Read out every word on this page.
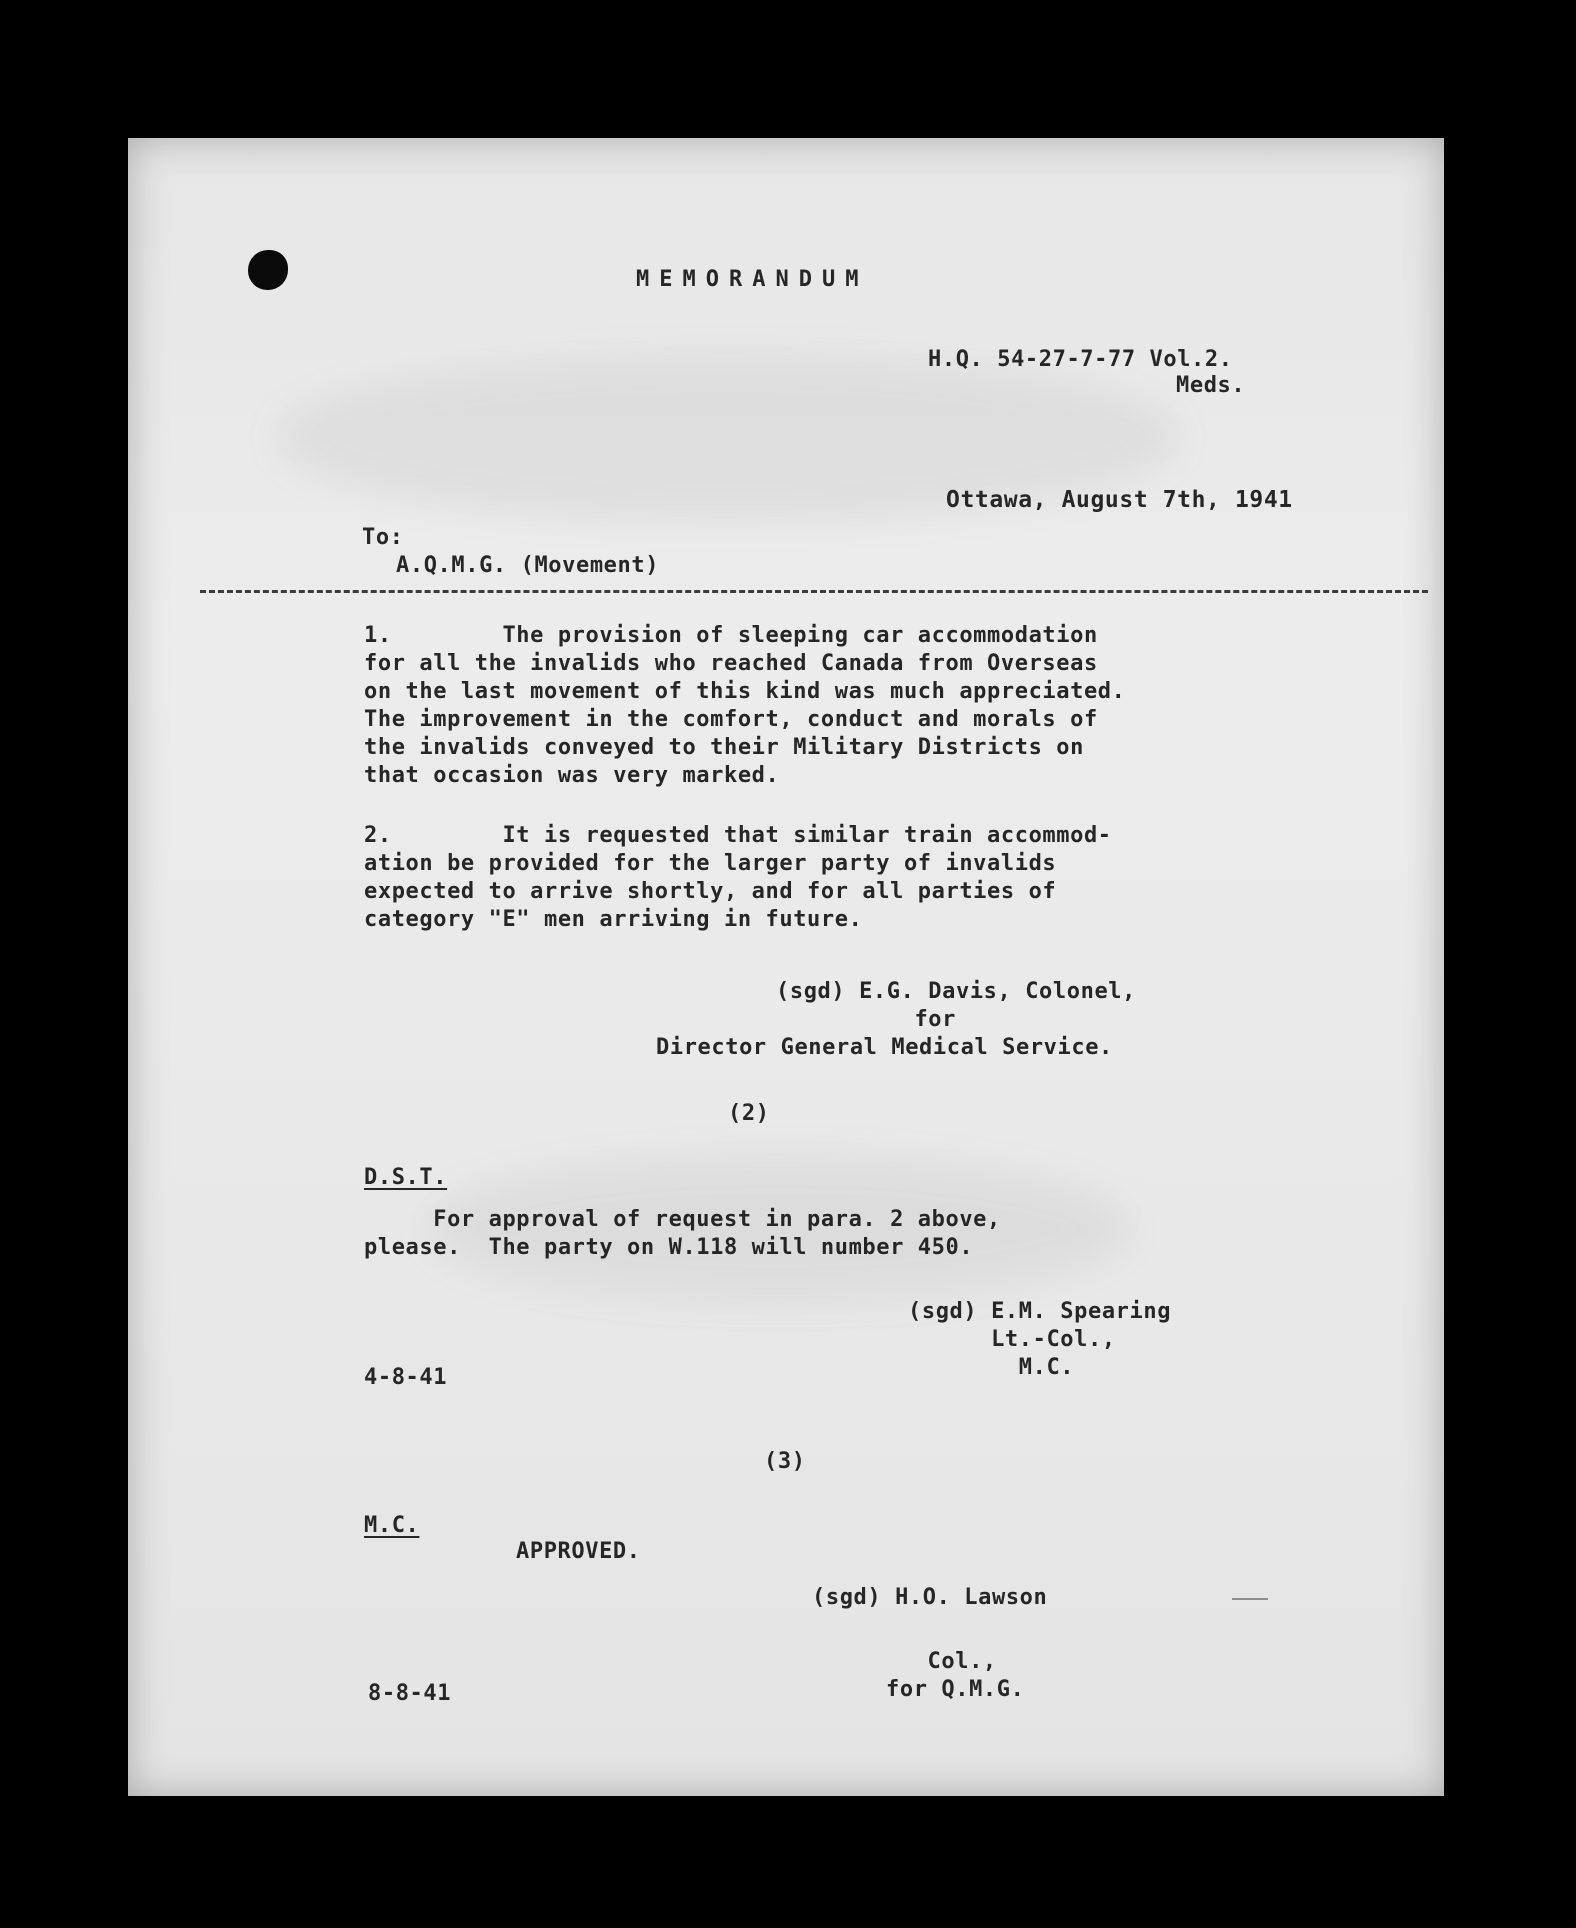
MEMORANDUM
H.Q. 54-27-7-77 Vol.2.
Meds.
Ottawa, August 7th, 1941
To:
A.Q.M.G. (Movement)
1.        The provision of sleeping car accommodation
for all the invalids who reached Canada from Overseas
on the last movement of this kind was much appreciated.
The improvement in the comfort, conduct and morals of
the invalids conveyed to their Military Districts on
that occasion was very marked.
2.        It is requested that similar train accommod-
ation be provided for the larger party of invalids
expected to arrive shortly, and for all parties of
category "E" men arriving in future.
(sgd) E.G. Davis, Colonel,
for
Director General Medical Service.
(2)
D.S.T.
For approval of request in para. 2 above,
please.  The party on W.118 will number 450.
(sgd) E.M. Spearing
Lt.-Col.,
M.C.
4-8-41
(3)
M.C.
APPROVED.
(sgd) H.O. Lawson
Col.,
for Q.M.G.
8-8-41
